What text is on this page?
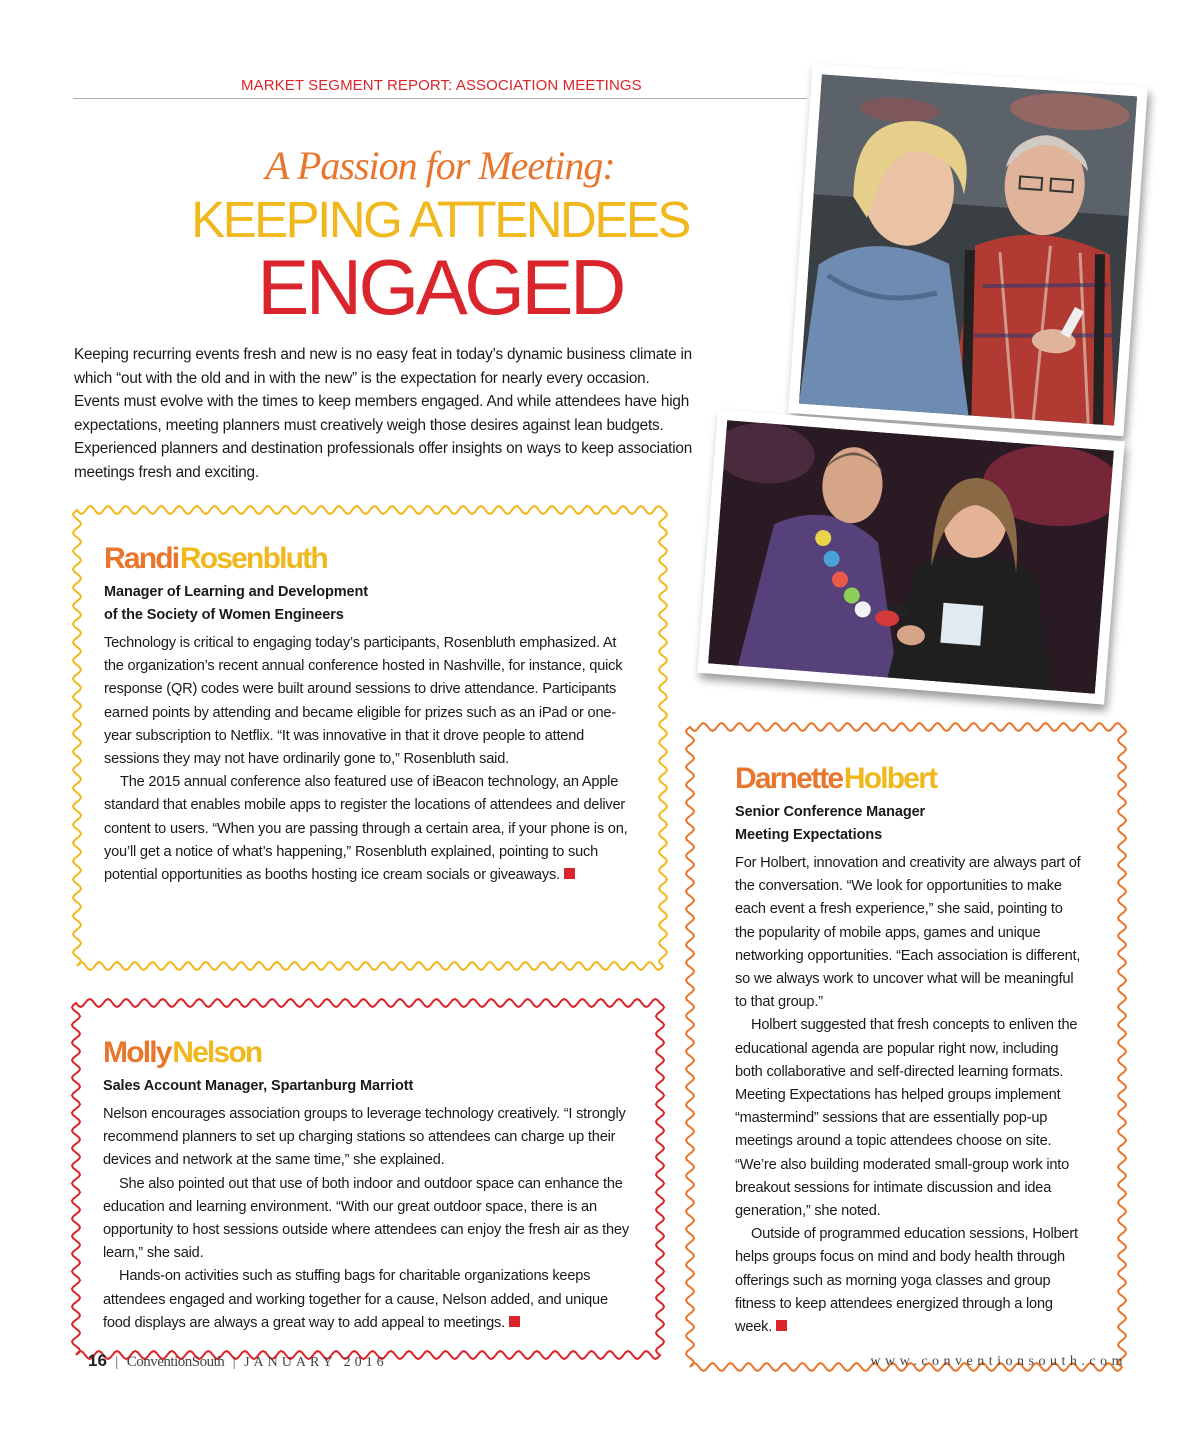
MARKET SEGMENT REPORT: ASSOCIATION MEETINGS
A Passion for Meeting:
KEEPING ATTENDEES
ENGAGED

Keeping recurring events fresh and new is no easy feat in today’s dynamic business climate in which “out with the old and in with the new” is the expectation for nearly every occasion. Events must evolve with the times to keep members engaged. And while attendees have high expectations, meeting planners must creatively weigh those desires against lean budgets. Experienced planners and destination professionals offer insights on ways to keep association meetings fresh and exciting.

Randi Rosenbluth
Manager of Learning and Development
of the Society of Women Engineers

Technology is critical to engaging today’s participants, Rosenbluth emphasized. At the organization’s recent annual conference hosted in Nashville, for instance, quick response (QR) codes were built around sessions to drive attendance. Participants earned points by attending and became eligible for prizes such as an iPad or one-year subscription to Netflix. “It was innovative in that it drove people to attend sessions they may not have ordinarily gone to,” Rosenbluth said.

The 2015 annual conference also featured use of iBeacon technology, an Apple standard that enables mobile apps to register the locations of attendees and deliver content to users. “When you are passing through a certain area, if your phone is on, you’ll get a notice of what’s happening,” Rosenbluth explained, pointing to such potential opportunities as booths hosting ice cream socials or giveaways.

Molly Nelson
Sales Account Manager, Spartanburg Marriott

Nelson encourages association groups to leverage technology creatively. “I strongly recommend planners to set up charging stations so attendees can charge up their devices and network at the same time,” she explained.

She also pointed out that use of both indoor and outdoor space can enhance the education and learning environment. “With our great outdoor space, there is an opportunity to host sessions outside where attendees can enjoy the fresh air as they learn,” she said.

Hands-on activities such as stuffing bags for charitable organizations keeps attendees engaged and working together for a cause, Nelson added, and unique food displays are always a great way to add appeal to meetings.

Darnette Holbert
Senior Conference Manager
Meeting Expectations

For Holbert, innovation and creativity are always part of the conversation. “We look for opportunities to make each event a fresh experience,” she said, pointing to the popularity of mobile apps, games and unique networking opportunities. “Each association is different, so we always work to uncover what will be meaningful to that group.”

Holbert suggested that fresh concepts to enliven the educational agenda are popular right now, including both collaborative and self-directed learning formats. Meeting Expectations has helped groups implement “mastermind” sessions that are essentially pop-up meetings around a topic attendees choose on site. “We’re also building moderated small-group work into breakout sessions for intimate discussion and idea generation,” she noted.

Outside of programmed education sessions, Holbert helps groups focus on mind and body health through offerings such as morning yoga classes and group fitness to keep attendees energized through a long week.

16 | ConventionSouth | JANUARY 2016	www.conventionsouth.com
